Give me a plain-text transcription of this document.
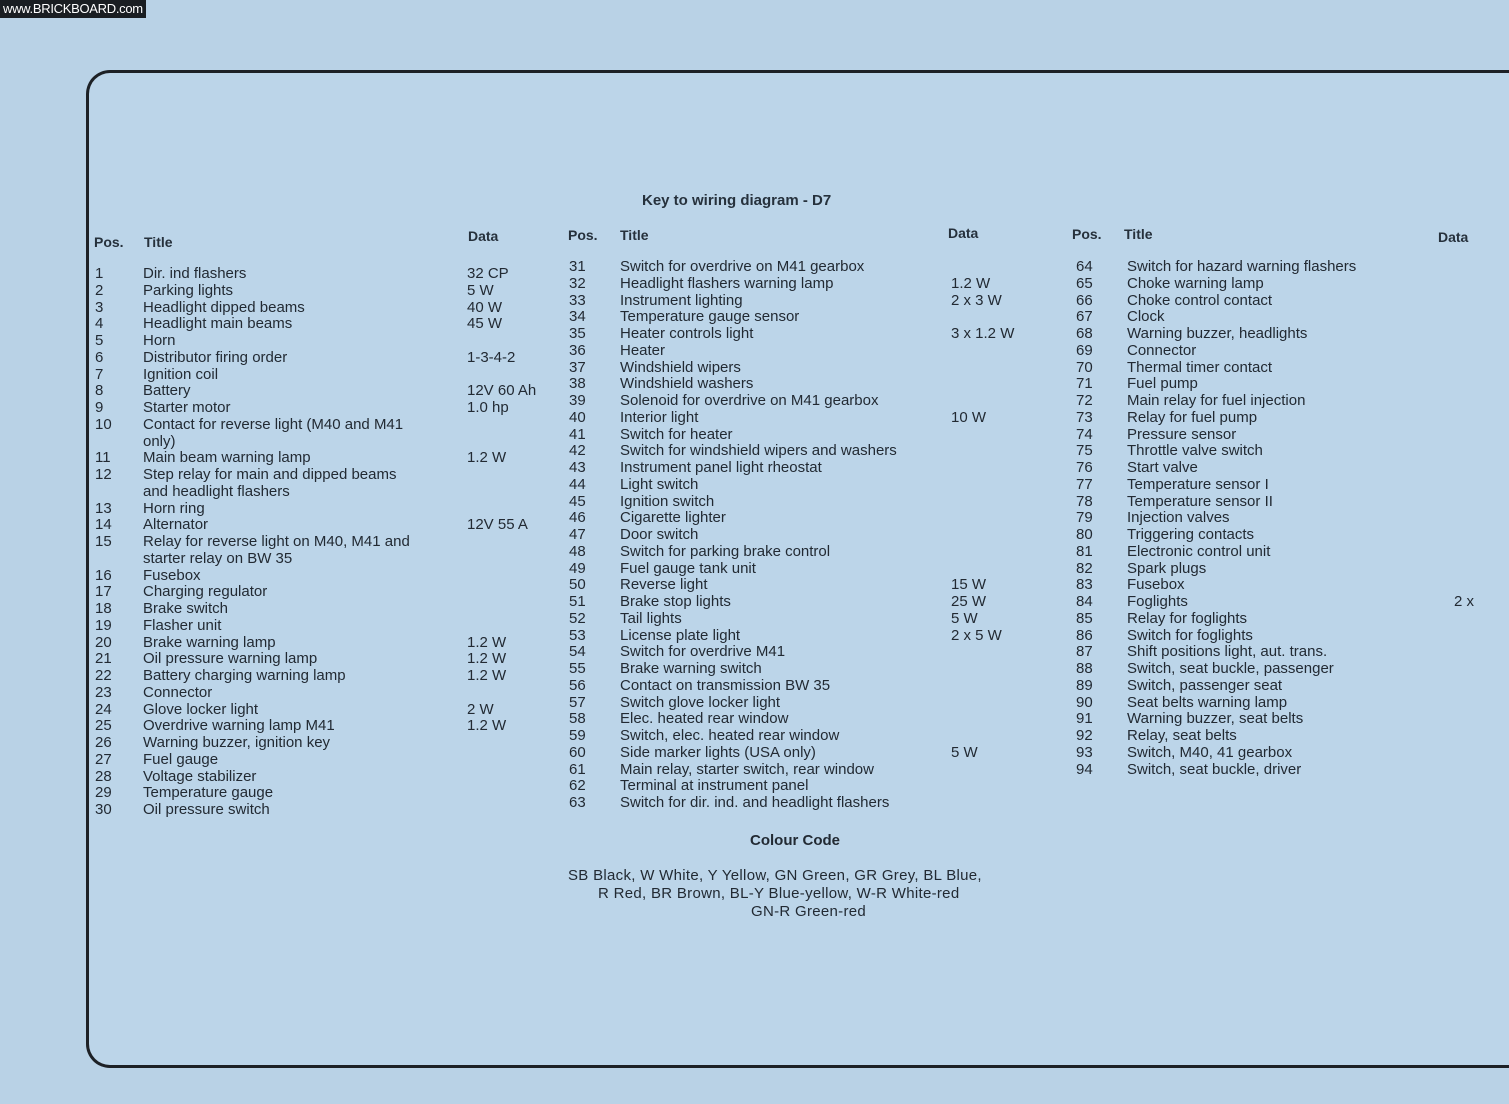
www.BRICKBOARD.com
Key to wiring diagram - D7
Pos. Title	Data	Pos. Title	Data	Pos. Title	Data
1	Dir. ind flashers	32 CP
2	Parking lights	5 W
3	Headlight dipped beams	40 W
4	Headlight main beams	45 W
5	Horn
6	Distributor firing order	1-3-4-2
7	Ignition coil
8	Battery	12V 60 Ah
9	Starter motor	1.0 hp
10 Contact for reverse light (M40 and M41
only)
11 Main beam warning lamp	1.2 W
12 Step relay for main and dipped beams
and headlight flashers
13 Horn ring
14 Alternator	12V 55 A
15 Relay for reverse light on M40, M41 and
starter relay on BW 35
16 Fusebox
17 Charging regulator
18 Brake switch
19 Flasher unit
20 Brake warning lamp	1.2 W
21 Oil pressure warning lamp	1.2 W
22 Battery charging warning lamp	1.2 W
23 Connector
24 Glove locker light	2 W
25 Overdrive warning lamp M41	1.2 W
26 Warning buzzer, ignition key
27 Fuel gauge
28 Voltage stabilizer
29 Temperature gauge
30 Oil pressure switch
31 Switch for overdrive on M41 gearbox
32 Headlight flashers warning lamp	1.2 W
33 Instrument lighting	2 x 3 W
34 Temperature gauge sensor
35 Heater controls light	3 x 1.2 W
36 Heater
37 Windshield wipers
38 Windshield washers
39 Solenoid for overdrive on M41 gearbox
40 Interior light	10 W
41 Switch for heater
42 Switch for windshield wipers and washers
43 Instrument panel light rheostat
44 Light switch
45 Ignition switch
46 Cigarette lighter
47 Door switch
48 Switch for parking brake control
49 Fuel gauge tank unit
50 Reverse light	15 W
51 Brake stop lights	25 W
52 Tail lights	5 W
53 License plate light	2 x 5 W
54 Switch for overdrive M41
55 Brake warning switch
56 Contact on transmission BW 35
57 Switch glove locker light
58 Elec. heated rear window
59 Switch, elec. heated rear window
60 Side marker lights (USA only)	5 W
61 Main relay, starter switch, rear window
62 Terminal at instrument panel
63 Switch for dir. ind. and headlight flashers
64 Switch for hazard warning flashers
65 Choke warning lamp
66 Choke control contact
67 Clock
68 Warning buzzer, headlights
69 Connector
70 Thermal timer contact
71 Fuel pump
72 Main relay for fuel injection
73 Relay for fuel pump
74 Pressure sensor
75 Throttle valve switch
76 Start valve
77 Temperature sensor I
78 Temperature sensor II
79 Injection valves
80 Triggering contacts
81 Electronic control unit
82 Spark plugs
83 Fusebox
84 Foglights	2 x
85 Relay for foglights
86 Switch for foglights
87 Shift positions light, aut. trans.
88 Switch, seat buckle, passenger
89 Switch, passenger seat
90 Seat belts warning lamp
91 Warning buzzer, seat belts
92 Relay, seat belts
93 Switch, M40, 41 gearbox
94 Switch, seat buckle, driver
Colour Code
SB Black, W White, Y Yellow, GN Green, GR Grey, BL Blue,
R Red, BR Brown, BL-Y Blue-yellow, W-R White-red
GN-R Green-red
